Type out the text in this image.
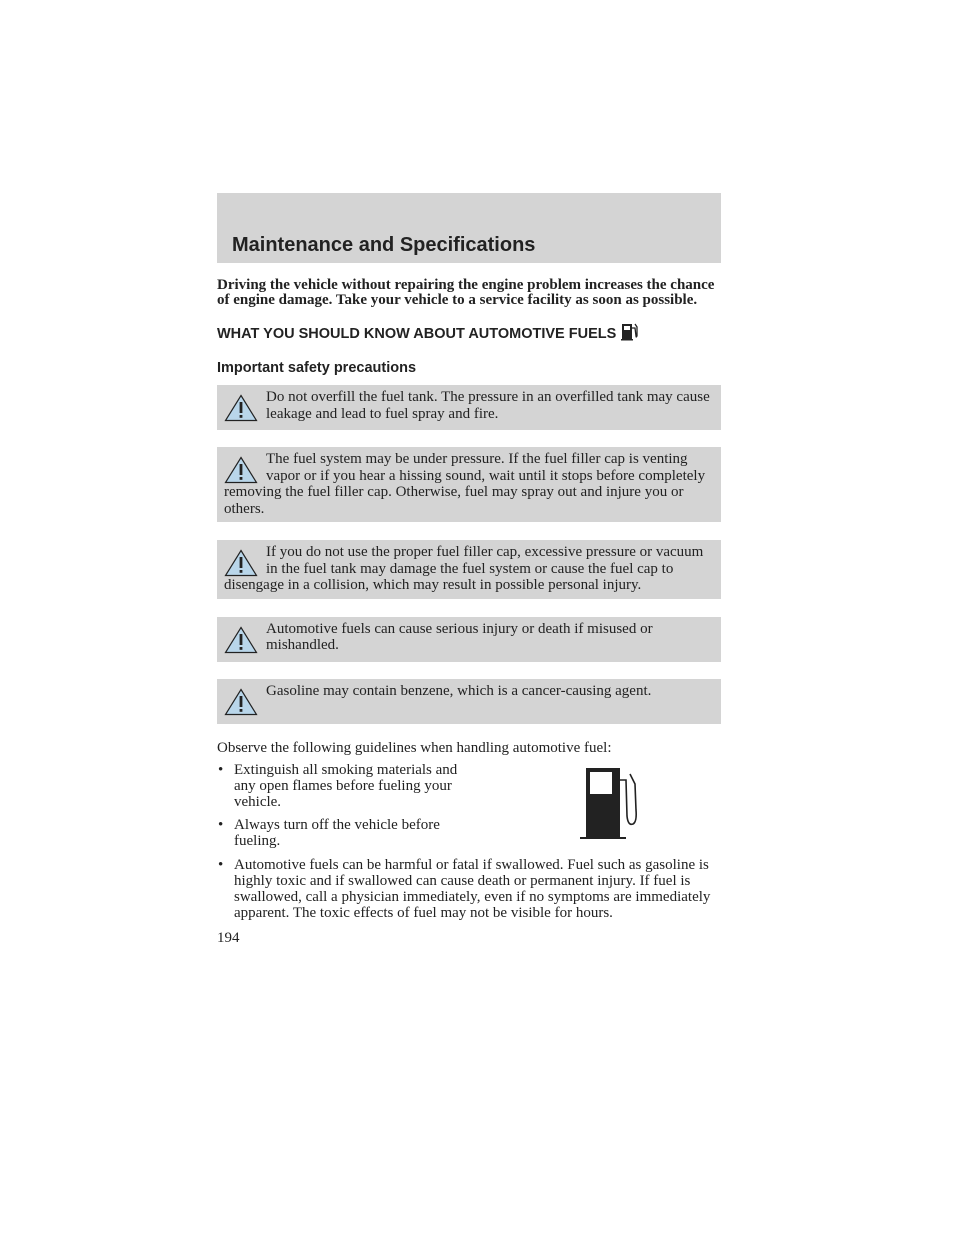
Maintenance and Specifications
Driving the vehicle without repairing the engine problem increases the chance of engine damage. Take your vehicle to a service facility as soon as possible.
WHAT YOU SHOULD KNOW ABOUT AUTOMOTIVE FUELS
Important safety precautions

Do not overfill the fuel tank. The pressure in an overfilled tank may cause leakage and lead to fuel spray and fire.

The fuel system may be under pressure. If the fuel filler cap is venting vapor or if you hear a hissing sound, wait until it stops before completely removing the fuel filler cap. Otherwise, fuel may spray out and injure you or others.

If you do not use the proper fuel filler cap, excessive pressure or vacuum in the fuel tank may damage the fuel system or cause the fuel cap to disengage in a collision, which may result in possible personal injury.

Automotive fuels can cause serious injury or death if misused or mishandled.

Gasoline may contain benzene, which is a cancer-causing agent.

Observe the following guidelines when handling automotive fuel:
• Extinguish all smoking materials and any open flames before fueling your vehicle.
• Always turn off the vehicle before fueling.
• Automotive fuels can be harmful or fatal if swallowed. Fuel such as gasoline is highly toxic and if swallowed can cause death or permanent injury. If fuel is swallowed, call a physician immediately, even if no symptoms are immediately apparent. The toxic effects of fuel may not be visible for hours.
194
